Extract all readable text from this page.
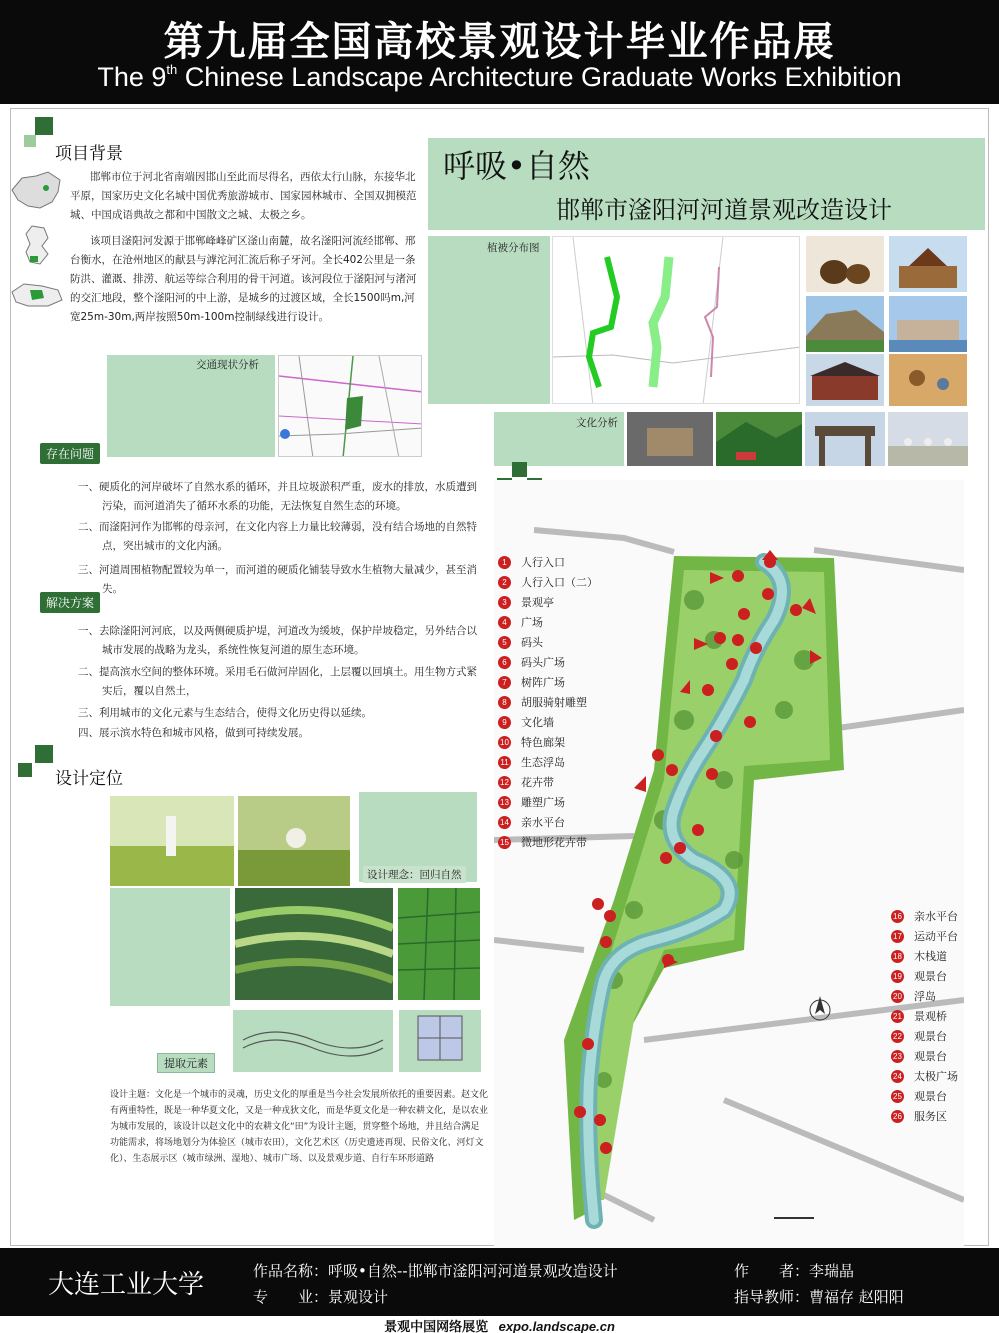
第九届全国高校景观设计毕业作品展
The 9th Chinese Landscape Architecture Graduate Works Exhibition
项目背景
邯郸市位于河北省南端因邯山至此而尽得名，西依太行山脉，东接华北平原，国家历史文化名城中国优秀旅游城市、国家园林城市、全国双拥模范城、中国成语典故之都和中国散文之城、太极之乡。
该项目滏阳河发源于邯郸峰峰矿区滏山南麓，故名滏阳河流经邯郸、邢台衡水，在沧州地区的献县与滹沱河汇流后称子牙河。全长402公里是一条防洪、灌溉、排涝、航运等综合利用的骨干河道。该河段位于滏阳河与渚河的交汇地段，整个滏阳河的中上游，是城乡的过渡区域，全长1500吗m,河宽25m-30m,两岸按照50m-100m控制绿线进行设计。
交通现状分析
呼吸•自然
邯郸市滏阳河河道景观改造设计
植被分布图
文化分析
存在问题
一、硬质化的河岸破坏了自然水系的循环，并且垃圾淤积严重，废水的排放，水质遭到污染，而河道消失了循环水系的功能，无法恢复自然生态的环境。
二、而滏阳河作为邯郸的母亲河，在文化内容上力量比较薄弱，没有结合场地的自然特点，突出城市的文化内涵。
三、河道周围植物配置较为单一，而河道的硬质化铺装导致水生植物大量减少，甚至消失。
解决方案
一、去除滏阳河河底，以及两侧硬质护堤，河道改为缓坡，保护岸坡稳定，另外结合以城市发展的战略为龙头，系统性恢复河道的原生态环境。
二、提高滨水空间的整体环境。采用毛石做河岸固化，上层覆以回填土。用生物方式紧实后，覆以自然土，
三、利用城市的文化元素与生态结合，使得文化历史得以延续。
四、展示滨水特色和城市风格，做到可持续发展。
设计定位
设计理念：回归自然
提取元素
设计主题：文化是一个城市的灵魂，历史文化的厚重是当今社会发展所依托的重要因素。赵文化有两重特性，既是一种华夏文化，又是一种戎狄文化，而是华夏文化是一种农耕文化，是以农业为城市发展的，该设计以赵文化中的农耕文化“田”为设计主题，贯穿整个场地，并且结合满足功能需求，将场地划分为体验区（城市农田），文化艺术区（历史遗迹再现、民俗文化、河灯文化）、生态展示区（城市绿洲、湿地）、城市广场、以及景观步道、自行车环形道路
1	人行入口
2	人行入口（二）
3	景观亭
4	广场
5	码头
6	码头广场
7	树阵广场
8	胡服骑射雕塑
9	文化墙
10 特色廊架
11 生态浮岛
12 花卉带
13 雕塑广场
14 亲水平台
15 微地形花卉带
16 亲水平台
17 运动平台
18 木栈道
19 观景台
20 浮岛
21 景观桥
22 观景台
23 观景台
24 太极广场
25 观景台
26 服务区
大连工业大学	作品名称：呼吸•自然--邯郸市滏阳河河道景观改造设计
专　　业：景观设计
作　　者：李瑞晶
指导教师：曹福存 赵阳阳
景观中国网络展览 expo.landscape.cn
